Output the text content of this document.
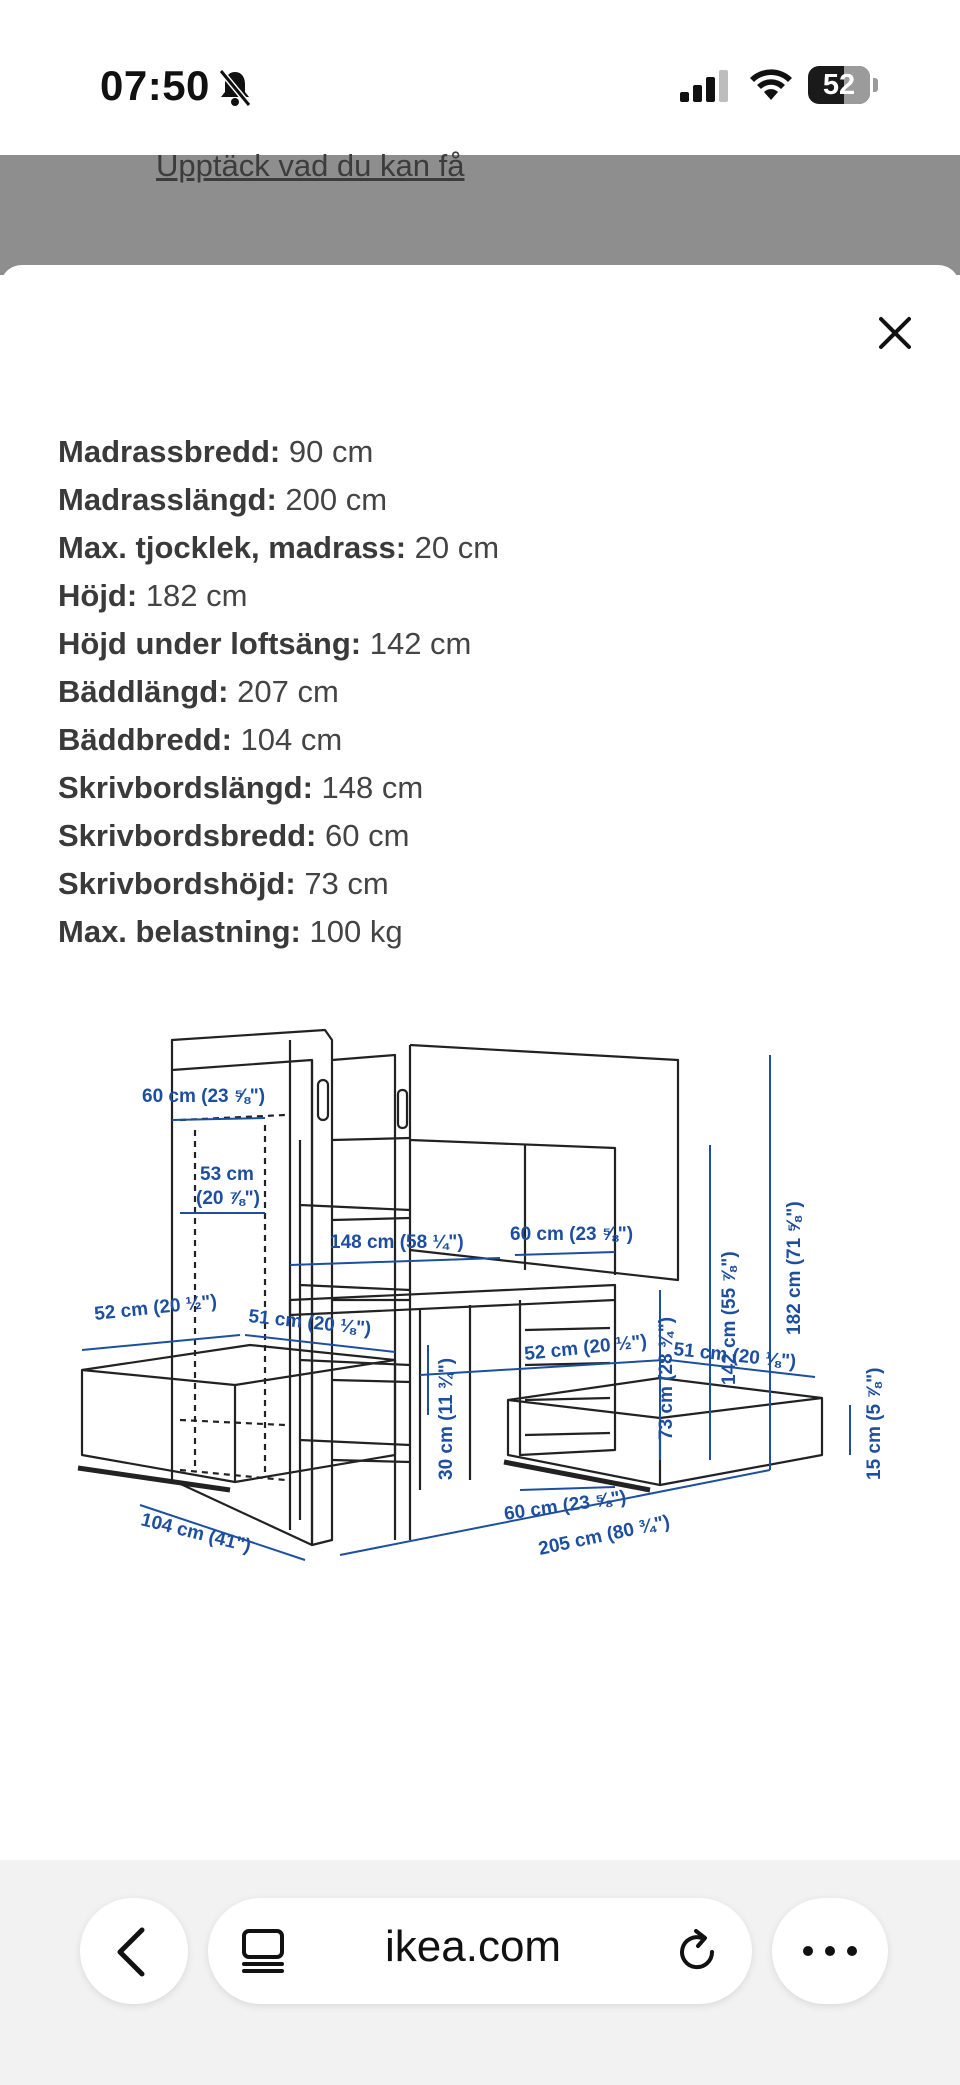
07:50	52
Upptäck vad du kan få
Madrassbredd: 90 cm
Madrasslängd: 200 cm
Max. tjocklek, madrass: 20 cm
Höjd: 182 cm
Höjd under loftsäng: 142 cm
Bäddlängd: 207 cm
Bäddbredd: 104 cm
Skrivbordslängd: 148 cm
Skrivbordsbredd: 60 cm
Skrivbordshöjd: 73 cm
Max. belastning: 100 kg
60 cm (23 ⅝")
53 cm
(20 ⅞")
148 cm (58 ¼") 60 cm (23 ⅝")
73 cm (28 ¾") 142 cm (55 ⅞") 182 cm (71 ⅝")
60 cm (23 ⅝")
104 cm (41")	205 cm (80 ¾")
52 cm (20 ½") 51 cm (20 ⅛")
30 cm (11 ¾")
52 cm (20 ½") 51 cm (20 ⅛")
15 cm (5 ⅞")
ikea.com
